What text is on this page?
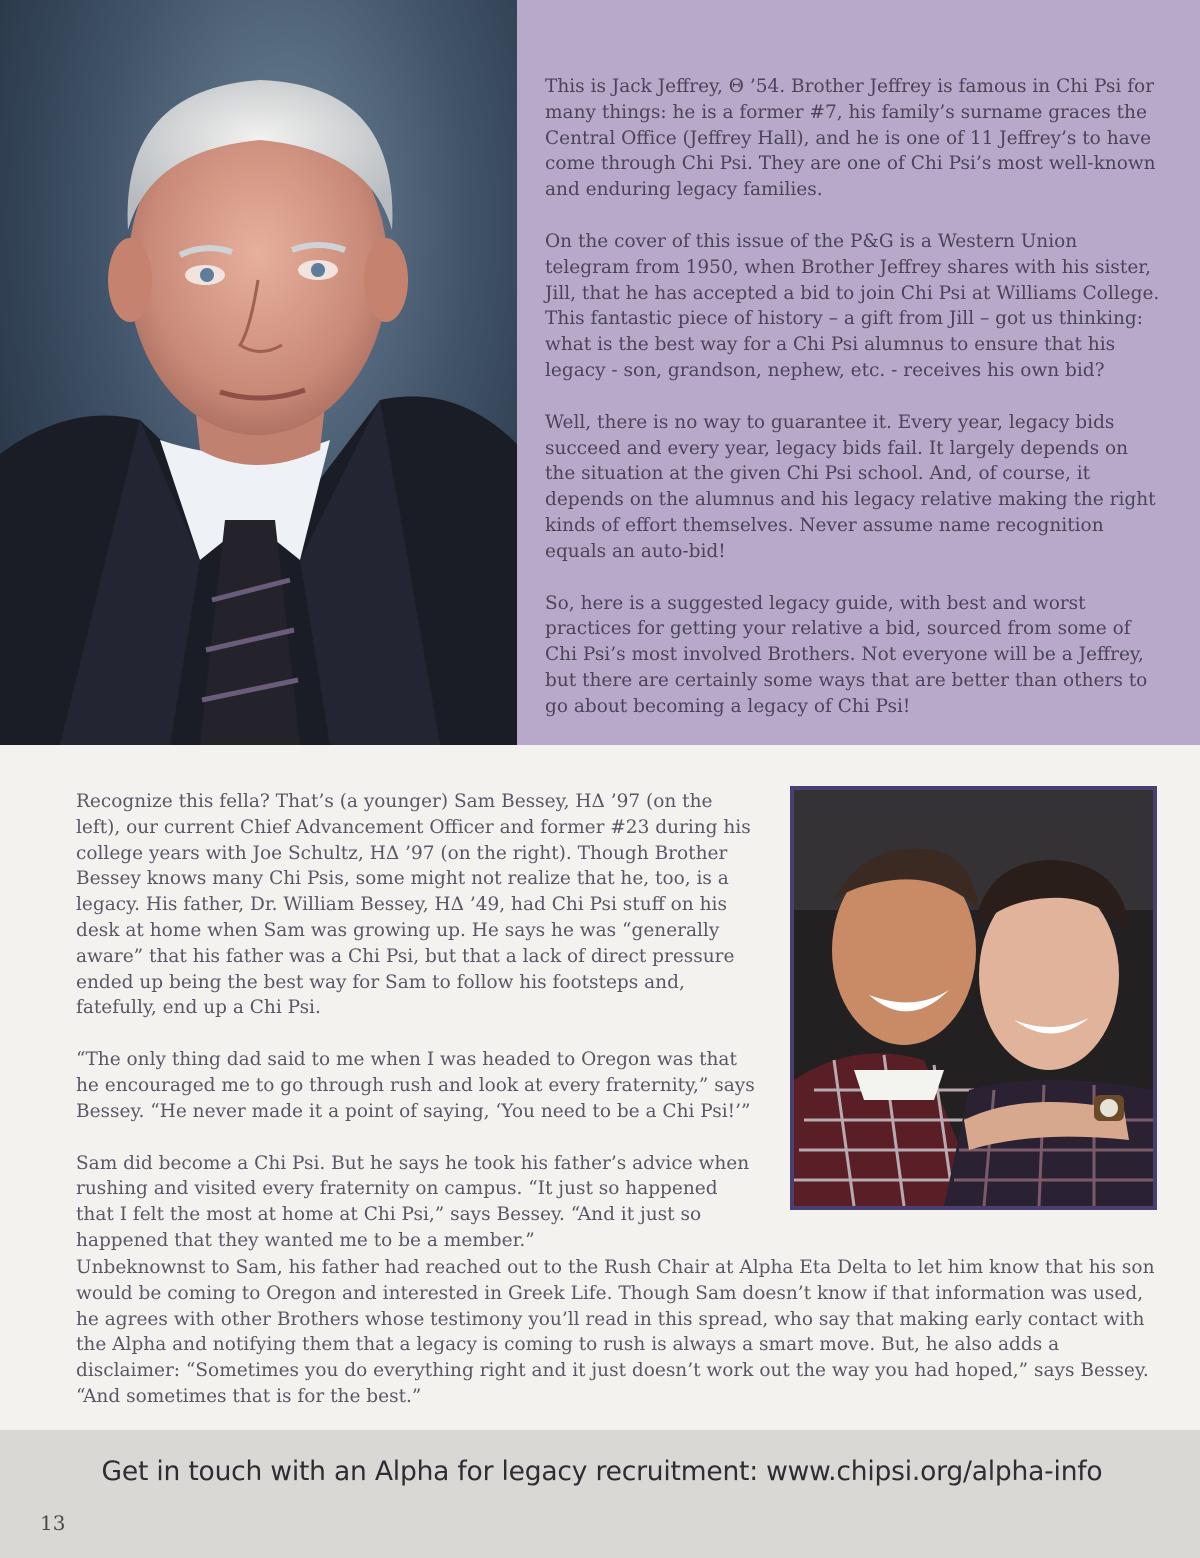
This is Jack Jeffrey, Θ ’54. Brother Jeffrey is famous in Chi Psi for many things: he is a former #7, his family’s surname graces the Central Office (Jeffrey Hall), and he is one of 11 Jeffrey’s to have come through Chi Psi. They are one of Chi Psi’s most well-known and enduring legacy families.

On the cover of this issue of the P&G is a Western Union telegram from 1950, when Brother Jeffrey shares with his sister, Jill, that he has accepted a bid to join Chi Psi at Williams College. This fantastic piece of history – a gift from Jill – got us thinking: what is the best way for a Chi Psi alumnus to ensure that his legacy - son, grandson, nephew, etc. - receives his own bid?

Well, there is no way to guarantee it. Every year, legacy bids succeed and every year, legacy bids fail. It largely depends on the situation at the given Chi Psi school. And, of course, it depends on the alumnus and his legacy relative making the right kinds of effort themselves. Never assume name recognition equals an auto-bid!

So, here is a suggested legacy guide, with best and worst practices for getting your relative a bid, sourced from some of Chi Psi’s most involved Brothers. Not everyone will be a Jeffrey, but there are certainly some ways that are better than others to go about becoming a legacy of Chi Psi!

Recognize this fella? That’s (a younger) Sam Bessey, HΔ ’97 (on the left), our current Chief Advancement Officer and former #23 during his college years with Joe Schultz, HΔ ’97 (on the right). Though Brother Bessey knows many Chi Psis, some might not realize that he, too, is a legacy. His father, Dr. William Bessey, HΔ ’49, had Chi Psi stuff on his desk at home when Sam was growing up. He says he was “generally aware” that his father was a Chi Psi, but that a lack of direct pressure ended up being the best way for Sam to follow his footsteps and, fatefully, end up a Chi Psi.

“The only thing dad said to me when I was headed to Oregon was that he encouraged me to go through rush and look at every fraternity,” says Bessey. “He never made it a point of saying, ‘You need to be a Chi Psi!’”

Sam did become a Chi Psi. But he says he took his father’s advice when rushing and visited every fraternity on campus. “It just so happened that I felt the most at home at Chi Psi,” says Bessey. “And it just so happened that they wanted me to be a member.”

Unbeknownst to Sam, his father had reached out to the Rush Chair at Alpha Eta Delta to let him know that his son would be coming to Oregon and interested in Greek Life. Though Sam doesn’t know if that information was used, he agrees with other Brothers whose testimony you’ll read in this spread, who say that making early contact with the Alpha and notifying them that a legacy is coming to rush is always a smart move. But, he also adds a disclaimer: “Sometimes you do everything right and it just doesn’t work out the way you had hoped,” says Bessey. “And sometimes that is for the best.”

Get in touch with an Alpha for legacy recruitment: www.chipsi.org/alpha-info
13
